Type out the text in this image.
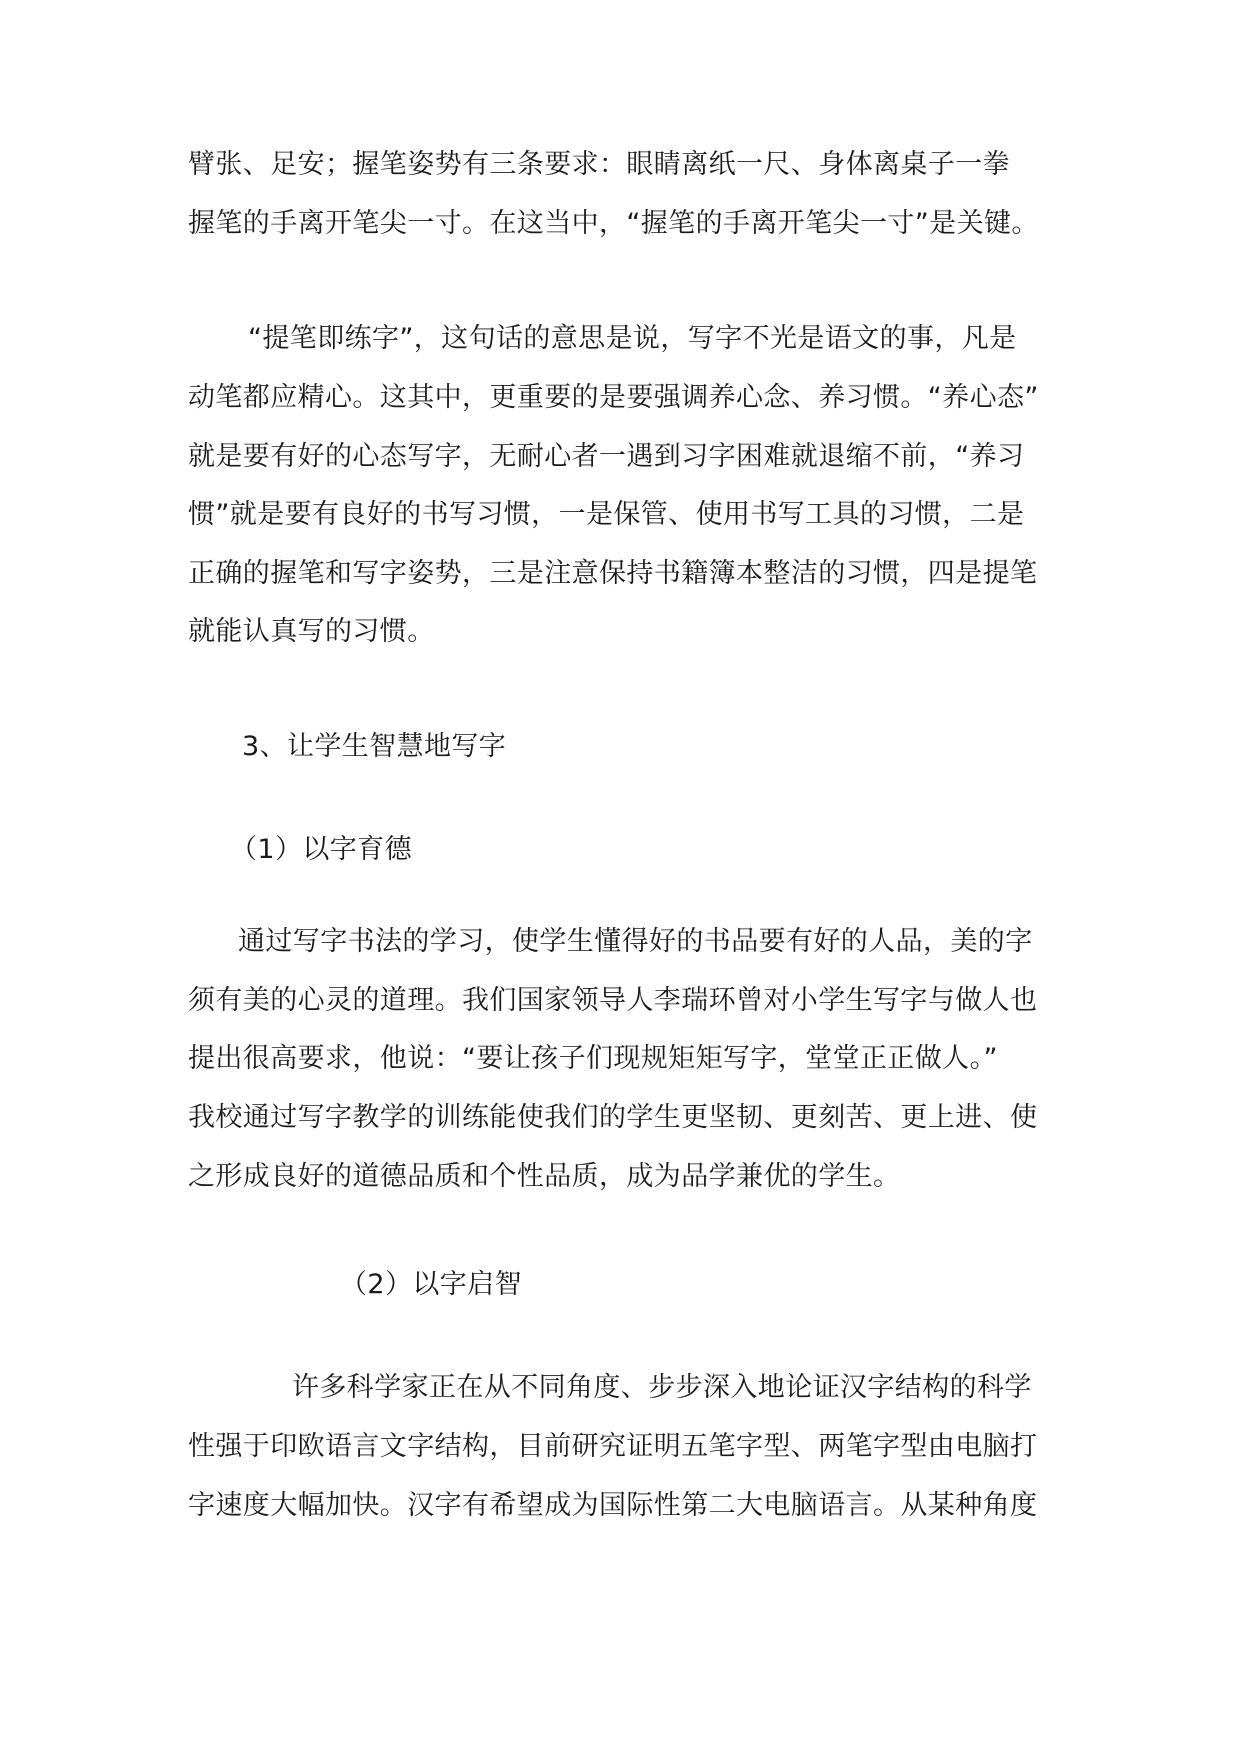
臂张、足安；握笔姿势有三条要求：眼睛离纸一尺、身体离桌子一拳

握笔的手离开笔尖一寸。在这当中，“握笔的手离开笔尖一寸”是关键。

“提笔即练字”，这句话的意思是说，写字不光是语文的事，凡是

动笔都应精心。这其中，更重要的是要强调养心念、养习惯。“养心态”

就是要有好的心态写字，无耐心者一遇到习字困难就退缩不前，“养习

惯”就是要有良好的书写习惯，一是保管、使用书写工具的习惯，二是

正确的握笔和写字姿势，三是注意保持书籍簿本整洁的习惯，四是提笔

就能认真写的习惯。

3、让学生智慧地写字

（1）以字育德

通过写字书法的学习，使学生懂得好的书品要有好的人品，美的字

须有美的心灵的道理。我们国家领导人李瑞环曾对小学生写字与做人也

提出很高要求，他说：“要让孩子们现规矩矩写字，堂堂正正做人。”

我校通过写字教学的训练能使我们的学生更坚韧、更刻苦、更上进、使

之形成良好的道德品质和个性品质，成为品学兼优的学生。

（2）以字启智

许多科学家正在从不同角度、步步深入地论证汉字结构的科学

性强于印欧语言文字结构，目前研究证明五笔字型、两笔字型由电脑打

字速度大幅加快。汉字有希望成为国际性第二大电脑语言。从某种角度
